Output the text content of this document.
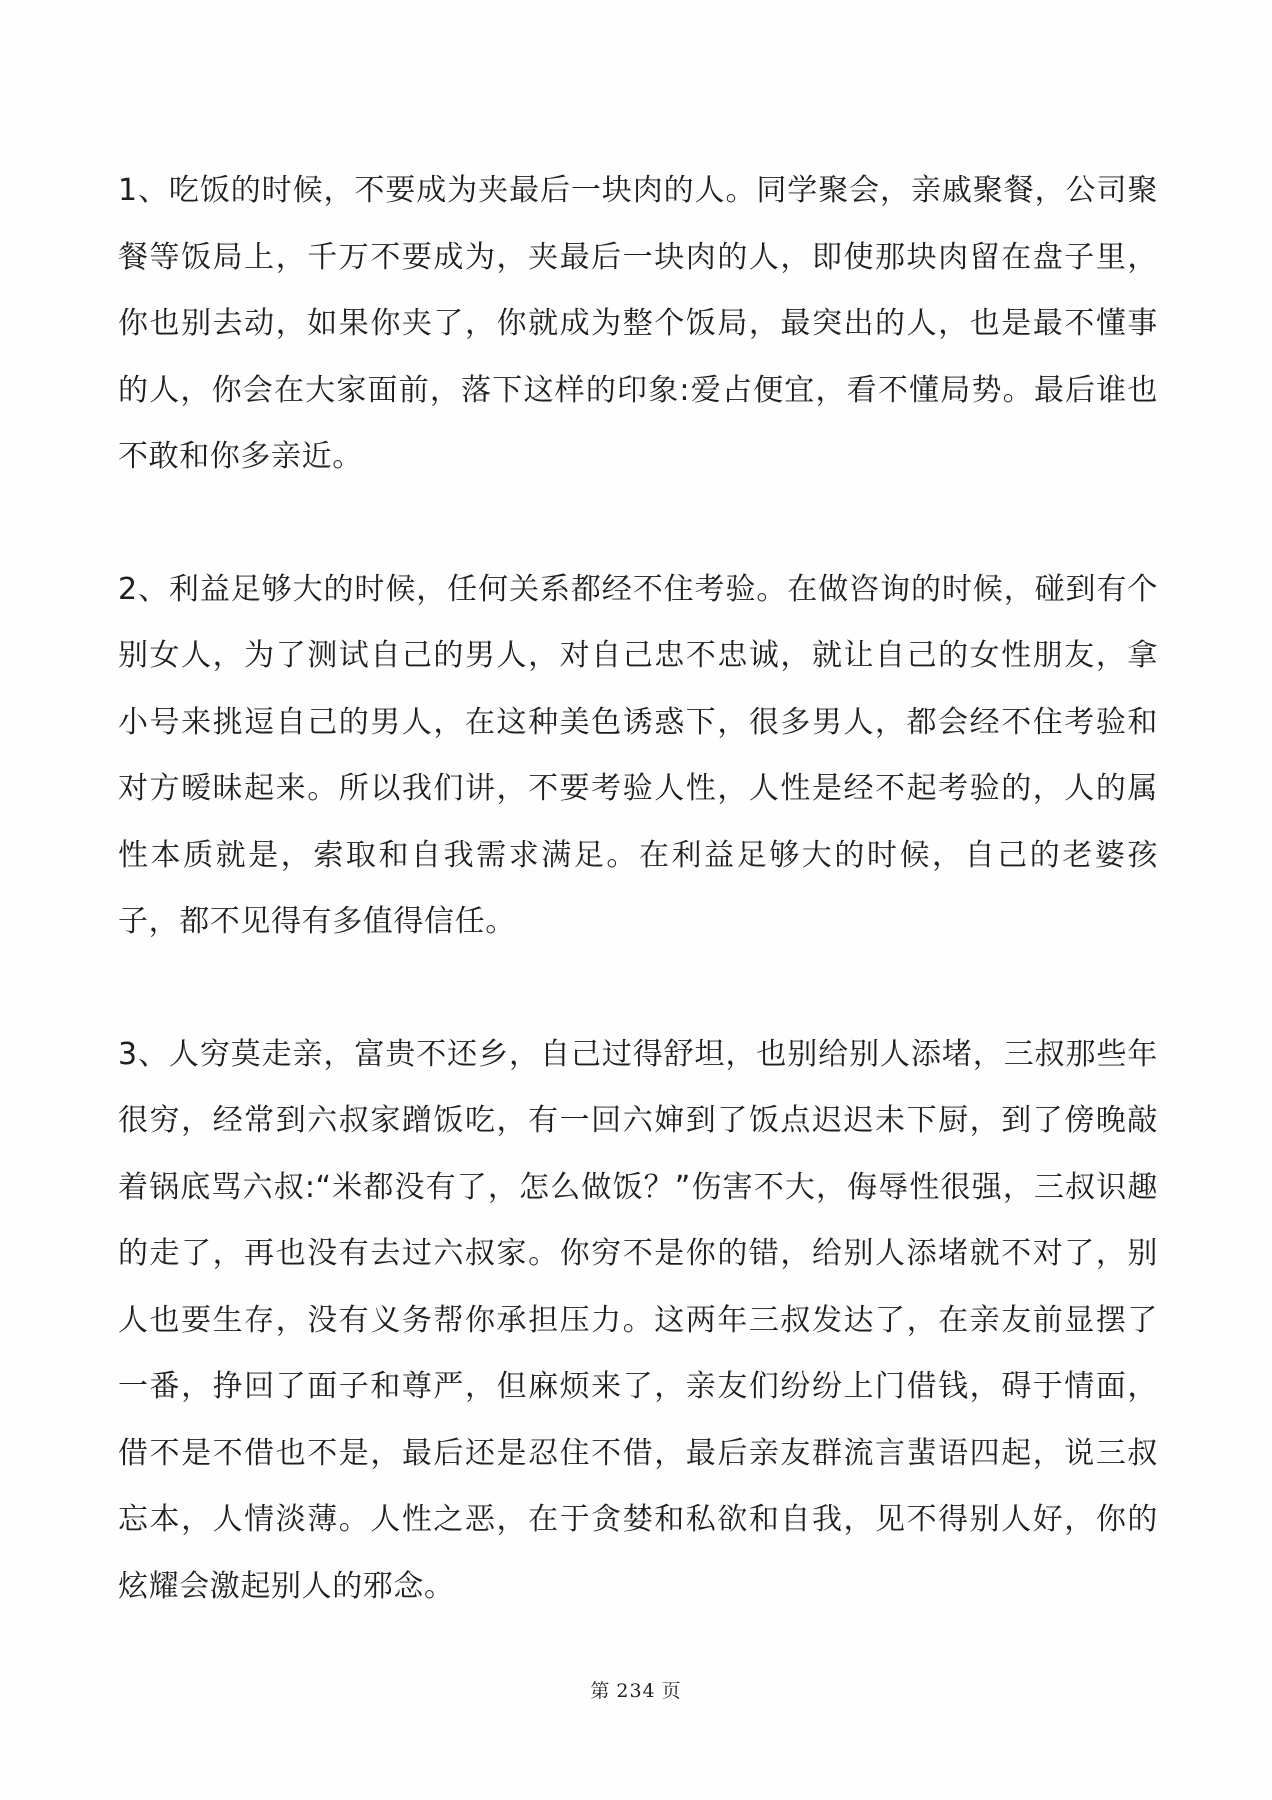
1、吃饭的时候，不要成为夹最后一块肉的人。同学聚会，亲戚聚餐，公司聚餐等饭局上，千万不要成为，夹最后一块肉的人，即使那块肉留在盘子里，你也别去动，如果你夹了，你就成为整个饭局，最突出的人，也是最不懂事的人，你会在大家面前，落下这样的印象:爱占便宜，看不懂局势。最后谁也不敢和你多亲近。

2、利益足够大的时候，任何关系都经不住考验。在做咨询的时候，碰到有个别女人，为了测试自己的男人，对自己忠不忠诚，就让自己的女性朋友，拿小号来挑逗自己的男人，在这种美色诱惑下，很多男人，都会经不住考验和对方暧昧起来。所以我们讲，不要考验人性，人性是经不起考验的，人的属性本质就是，索取和自我需求满足。在利益足够大的时候，自己的老婆孩子，都不见得有多值得信任。

3、人穷莫走亲，富贵不还乡，自己过得舒坦，也别给别人添堵，三叔那些年很穷，经常到六叔家蹭饭吃，有一回六婶到了饭点迟迟未下厨，到了傍晚敲着锅底骂六叔:“米都没有了，怎么做饭？”伤害不大，侮辱性很强，三叔识趣的走了，再也没有去过六叔家。你穷不是你的错，给别人添堵就不对了，别人也要生存，没有义务帮你承担压力。这两年三叔发达了，在亲友前显摆了一番，挣回了面子和尊严，但麻烦来了，亲友们纷纷上门借钱，碍于情面，借不是不借也不是，最后还是忍住不借，最后亲友群流言蜚语四起，说三叔忘本，人情淡薄。人性之恶，在于贪婪和私欲和自我，见不得别人好，你的炫耀会激起别人的邪念。

第 234 页
